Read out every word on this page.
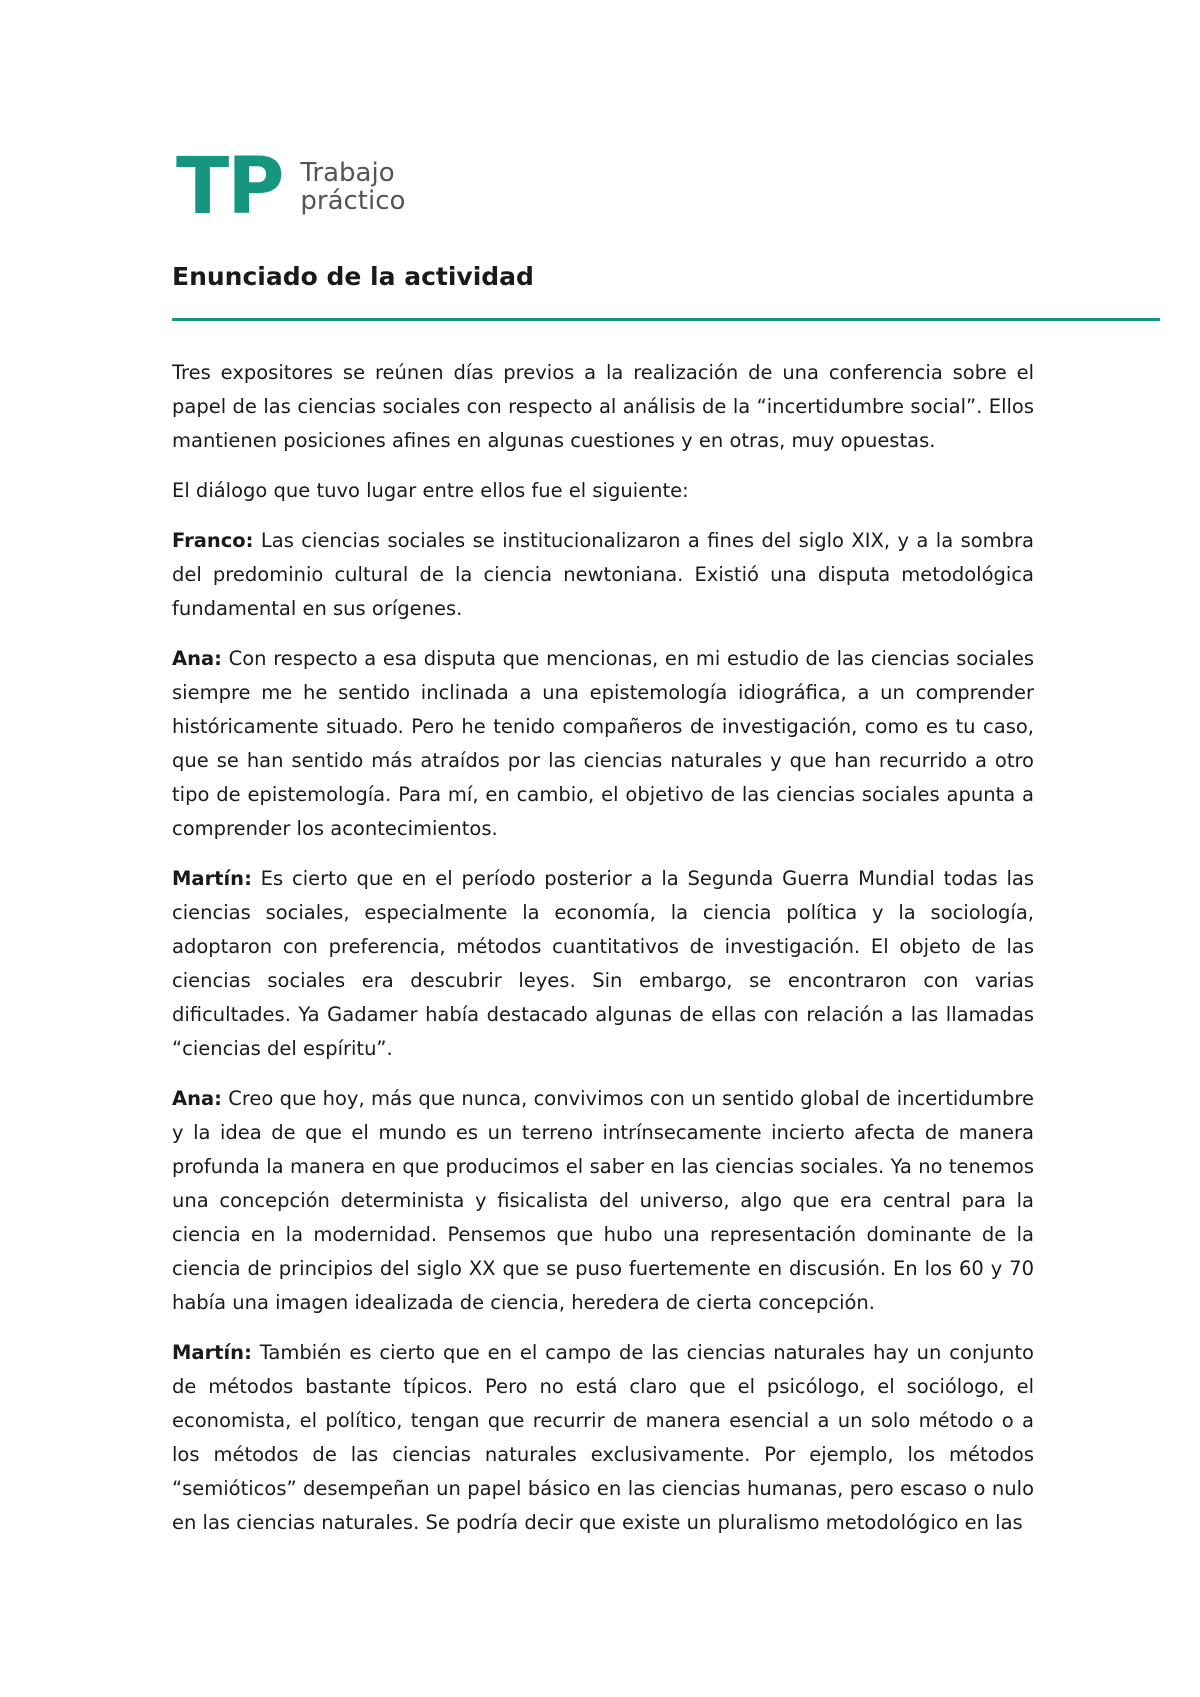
TP Trabajo
práctico
Enunciado de la actividad

Tres expositores se reúnen días previos a la realización de una conferencia sobre el papel de las ciencias sociales con respecto al análisis de la “incertidumbre social”. Ellos mantienen posiciones afines en algunas cuestiones y en otras, muy opuestas.

El diálogo que tuvo lugar entre ellos fue el siguiente:

Franco: Las ciencias sociales se institucionalizaron a fines del siglo XIX, y a la sombra del predominio cultural de la ciencia newtoniana. Existió una disputa metodológica fundamental en sus orígenes.

Ana: Con respecto a esa disputa que mencionas, en mi estudio de las ciencias sociales siempre me he sentido inclinada a una epistemología idiográfica, a un comprender históricamente situado. Pero he tenido compañeros de investigación, como es tu caso, que se han sentido más atraídos por las ciencias naturales y que han recurrido a otro tipo de epistemología. Para mí, en cambio, el objetivo de las ciencias sociales apunta a comprender los acontecimientos.

Martín: Es cierto que en el período posterior a la Segunda Guerra Mundial todas las ciencias sociales, especialmente la economía, la ciencia política y la sociología, adoptaron con preferencia, métodos cuantitativos de investigación. El objeto de las ciencias sociales era descubrir leyes. Sin embargo, se encontraron con varias dificultades. Ya Gadamer había destacado algunas de ellas con relación a las llamadas “ciencias del espíritu”.

Ana: Creo que hoy, más que nunca, convivimos con un sentido global de incertidumbre y la idea de que el mundo es un terreno intrínsecamente incierto afecta de manera profunda la manera en que producimos el saber en las ciencias sociales. Ya no tenemos una concepción determinista y fisicalista del universo, algo que era central para la ciencia en la modernidad. Pensemos que hubo una representación dominante de la ciencia de principios del siglo XX que se puso fuertemente en discusión. En los 60 y 70 había una imagen idealizada de ciencia, heredera de cierta concepción.

Martín: También es cierto que en el campo de las ciencias naturales hay un conjunto de métodos bastante típicos. Pero no está claro que el psicólogo, el sociólogo, el economista, el político, tengan que recurrir de manera esencial a un solo método o a los métodos de las ciencias naturales exclusivamente. Por ejemplo, los métodos “semióticos” desempeñan un papel básico en las ciencias humanas, pero escaso o nulo en las ciencias naturales. Se podría decir que existe un pluralismo metodológico en las
